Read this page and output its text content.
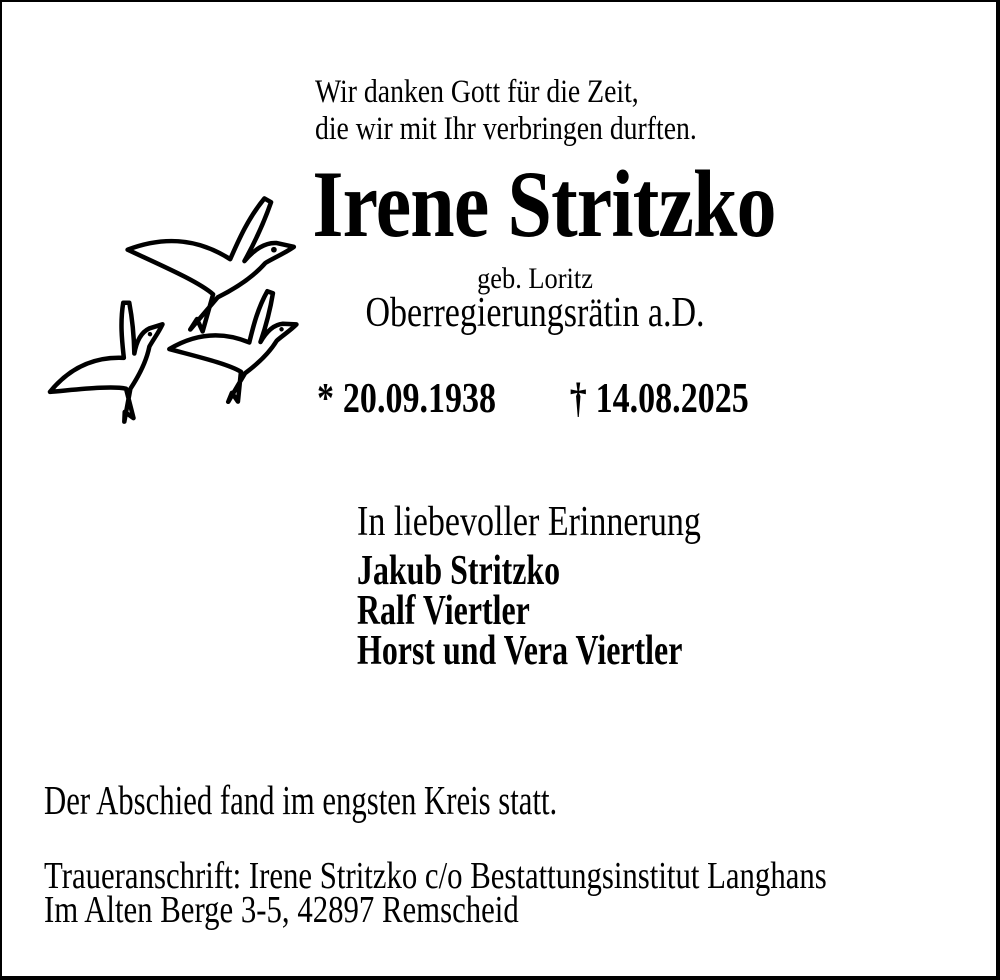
Wir danken Gott für die Zeit,
die wir mit Ihr verbringen durften.
Irene Stritzko
geb. Loritz
Oberregierungsrätin a.D.
* 20.09.1938 † 14.08.2025
In liebevoller Erinnerung
Jakub Stritzko
Ralf Viertler
Horst und Vera Viertler
Der Abschied fand im engsten Kreis statt.
Traueranschrift: Irene Stritzko c/o Bestattungsinstitut Langhans
Im Alten Berge 3-5, 42897 Remscheid
